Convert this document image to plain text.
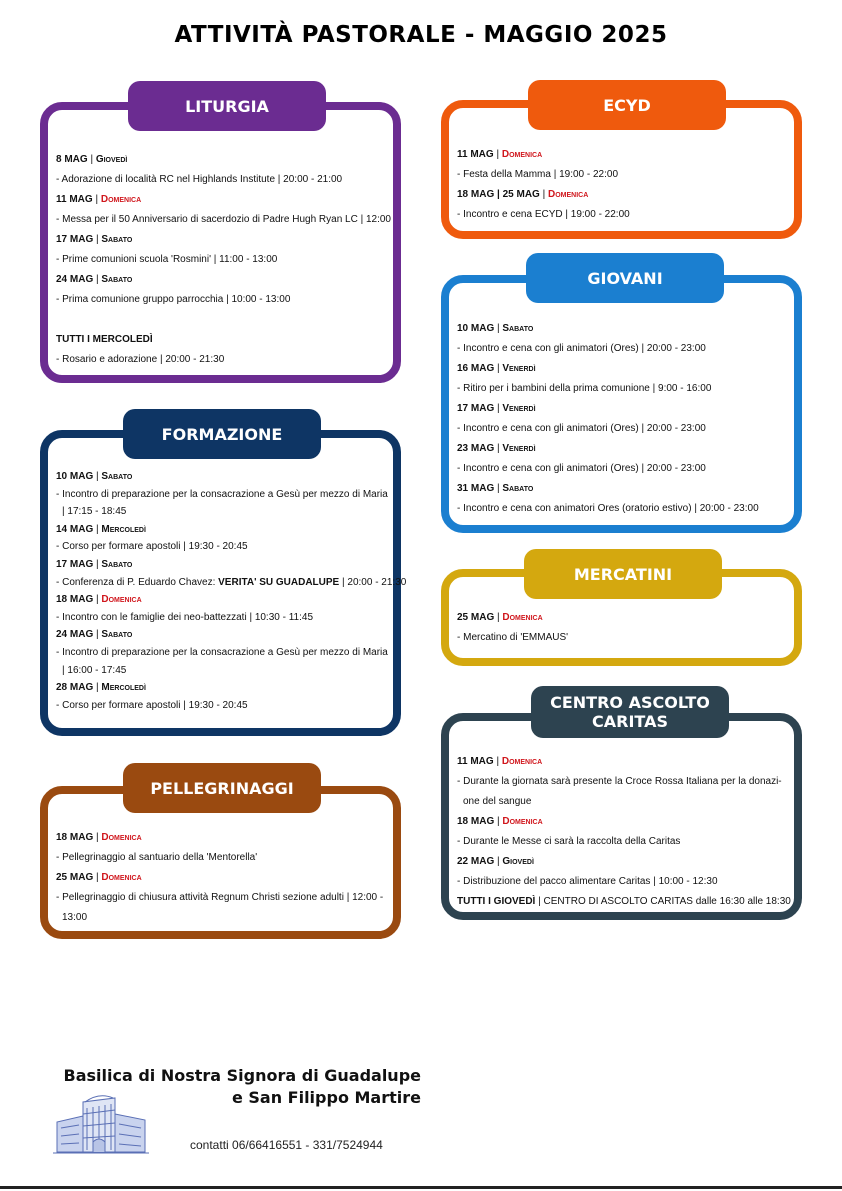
ATTIVITÀ PASTORALE - MAGGIO 2025
8 MAG | Giovedì
- Adorazione di località RC nel Highlands Institute | 20:00 - 21:00
11 MAG | Domenica
- Messa per il 50 Anniversario di sacerdozio di Padre Hugh Ryan LC | 12:00
17 MAG | Sabato
- Prime comunioni scuola 'Rosmini' | 11:00 - 13:00
24 MAG | Sabato
- Prima comunione gruppo parrocchia | 10:00 - 13:00
TUTTI I MERCOLEDÌ
- Rosario e adorazione | 20:00 - 21:30
LITURGIA
10 MAG | Sabato
- Incontro di preparazione per la consacrazione a Gesù per mezzo di Maria
| 17:15 - 18:45
14 MAG | Mercoledì
- Corso per formare apostoli | 19:30 - 20:45
17 MAG | Sabato
- Conferenza di P. Eduardo Chavez: VERITA' SU GUADALUPE | 20:00 - 21:30
18 MAG | Domenica
- Incontro con le famiglie dei neo-battezzati | 10:30 - 11:45
24 MAG | Sabato
- Incontro di preparazione per la consacrazione a Gesù per mezzo di Maria
| 16:00 - 17:45
28 MAG | Mercoledì
- Corso per formare apostoli | 19:30 - 20:45
FORMAZIONE
18 MAG | Domenica
- Pellegrinaggio al santuario della 'Mentorella'
25 MAG | Domenica
- Pellegrinaggio di chiusura attività Regnum Christi sezione adulti | 12:00 -
13:00
PELLEGRINAGGI
11 MAG | Domenica
- Festa della Mamma | 19:00 - 22:00
18 MAG | 25 MAG | Domenica
- Incontro e cena ECYD | 19:00 - 22:00
ECYD
10 MAG | Sabato
- Incontro e cena con gli animatori (Ores) | 20:00 - 23:00
16 MAG | Venerdì
- Ritiro per i bambini della prima comunione | 9:00 - 16:00
17 MAG | Venerdì
- Incontro e cena con gli animatori (Ores) | 20:00 - 23:00
23 MAG | Venerdì
- Incontro e cena con gli animatori (Ores) | 20:00 - 23:00
31 MAG | Sabato
- Incontro e cena con animatori Ores (oratorio estivo) | 20:00 - 23:00
GIOVANI
25 MAG | Domenica
- Mercatino di 'EMMAUS'
MERCATINI
11 MAG | Domenica
- Durante la giornata sarà presente la Croce Rossa Italiana per la donazi-
one del sangue
18 MAG | Domenica
- Durante le Messe ci sarà la raccolta della Caritas
22 MAG | Giovedì
- Distribuzione del pacco alimentare Caritas | 10:00 - 12:30
TUTTI I GIOVEDÌ | CENTRO DI ASCOLTO CARITAS dalle 16:30 alle 18:30
CENTRO ASCOLTO
CARITAS
Basilica di Nostra Signora di Guadalupe
e San Filippo Martire
contatti 06/66416551 - 331/7524944
